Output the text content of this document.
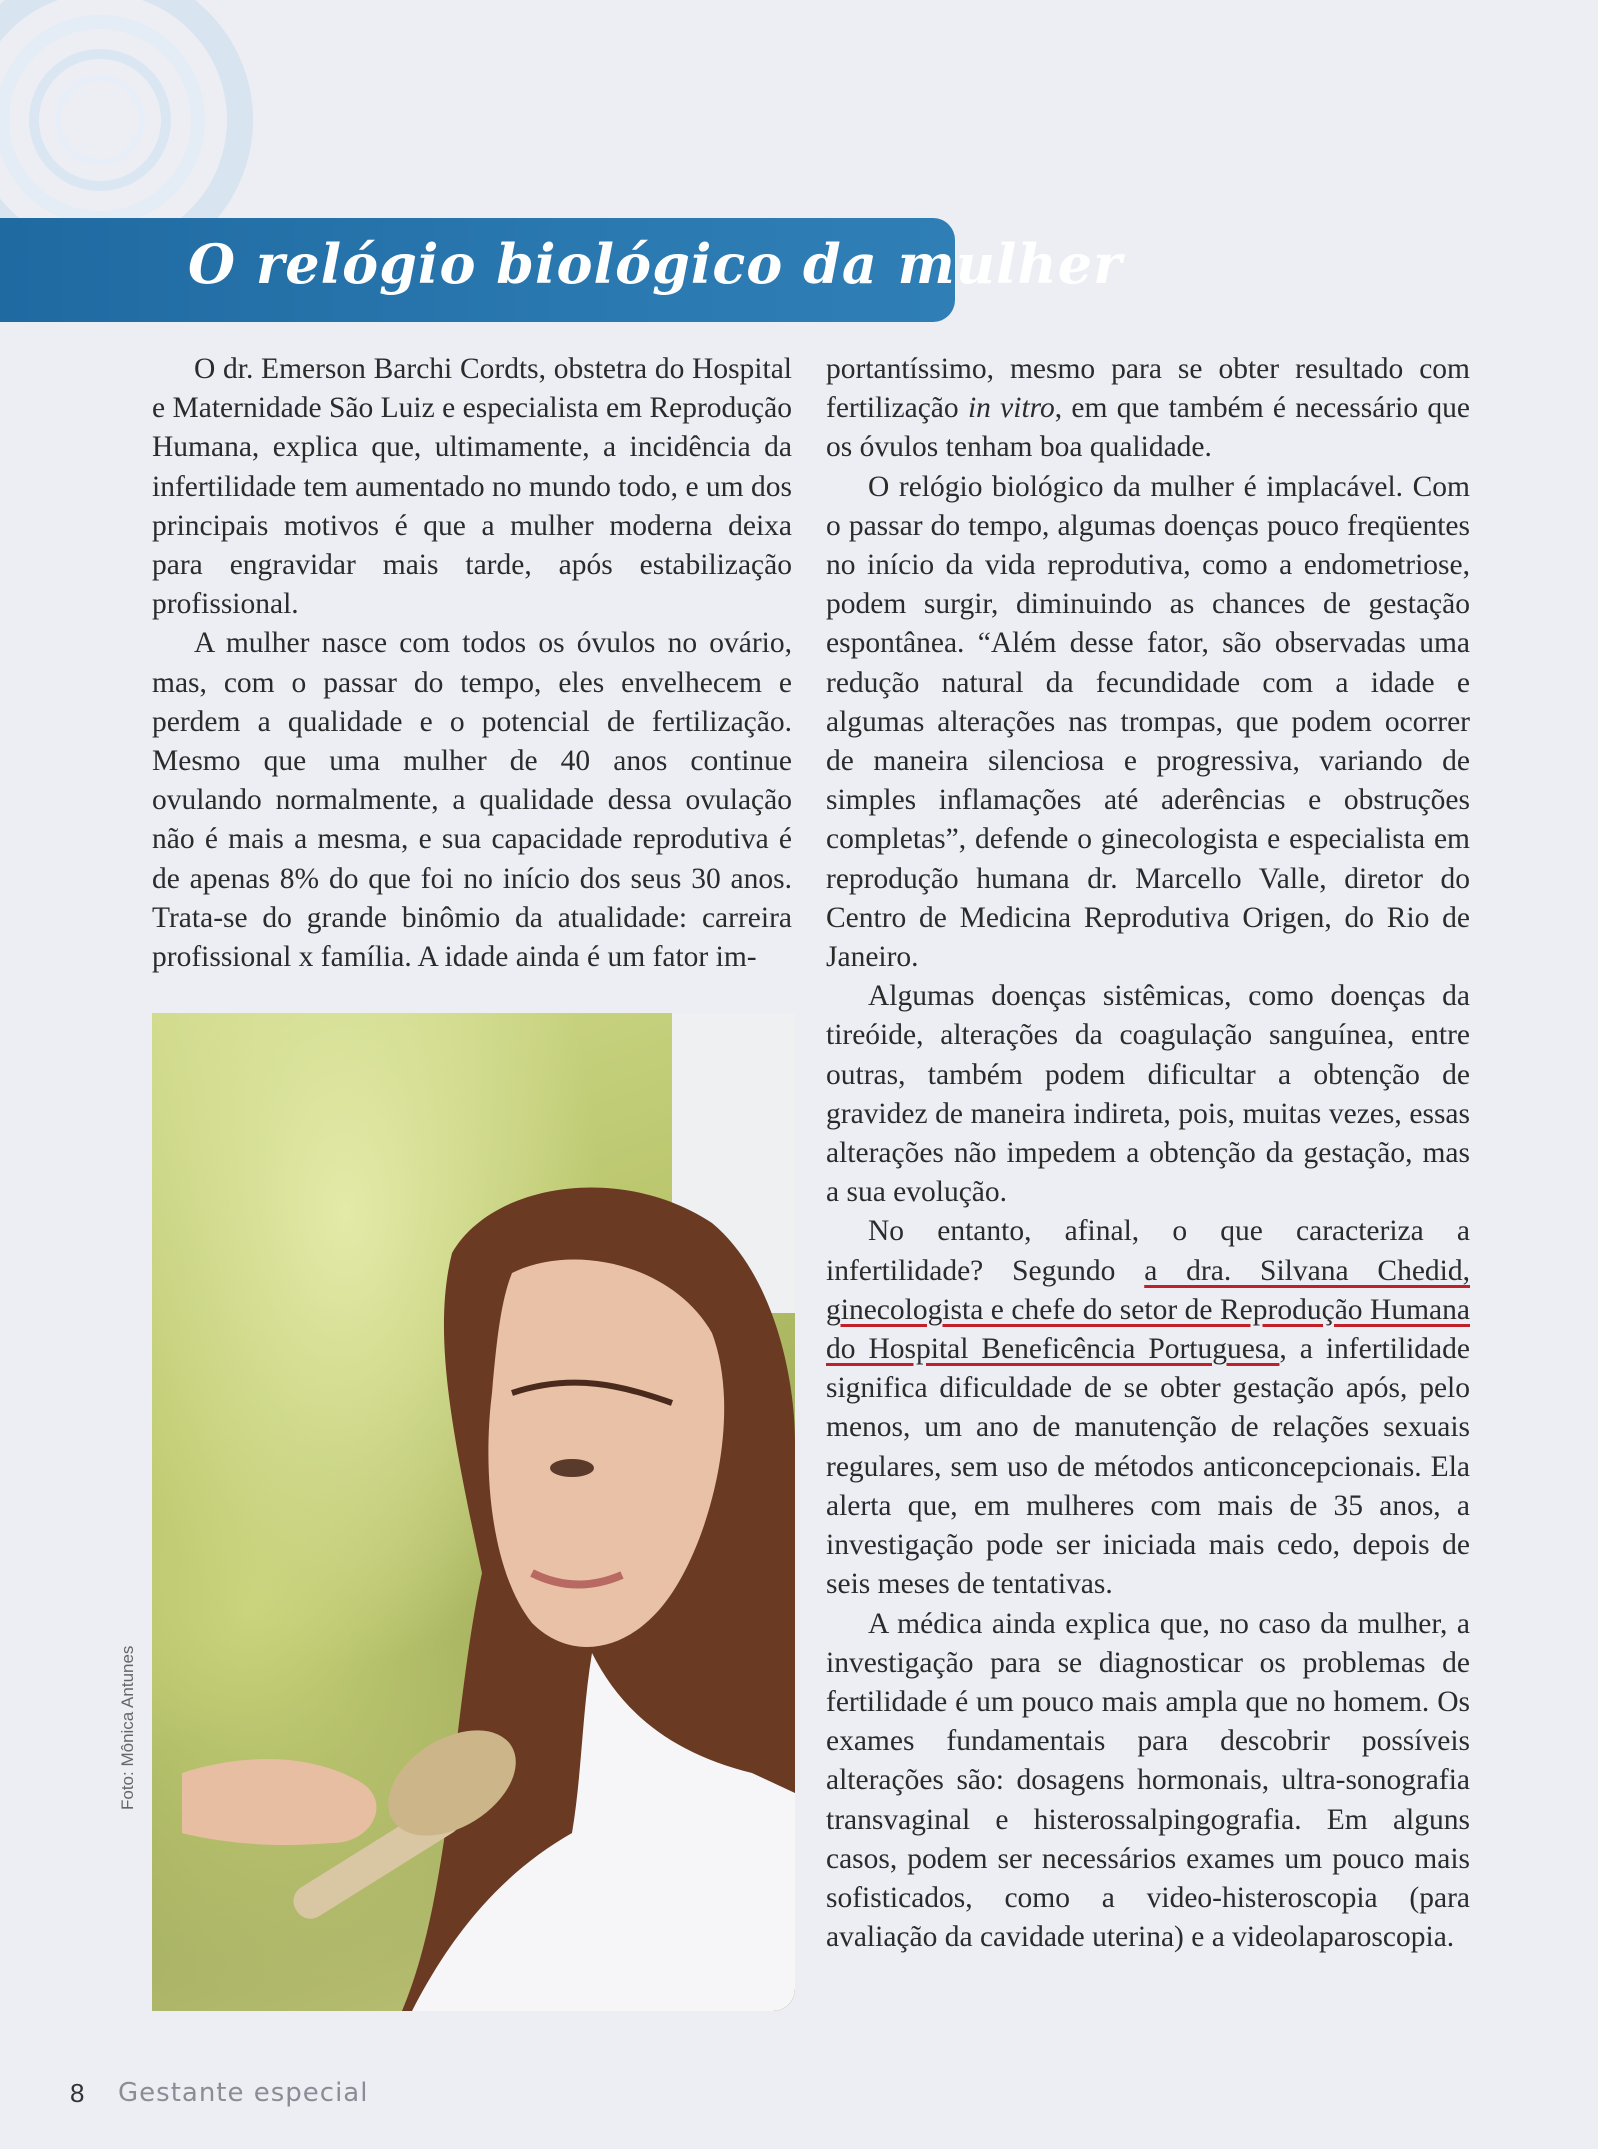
O relógio biológico da mulher

O dr. Emerson Barchi Cordts, obstetra do Hospital e Maternidade São Luiz e especialista em Reprodução Humana, explica que, ultimamente, a incidência da infertilidade tem aumentado no mundo todo, e um dos principais motivos é que a mulher moderna deixa para engravidar mais tarde, após estabilização profissional.

A mulher nasce com todos os óvulos no ovário, mas, com o passar do tempo, eles envelhecem e perdem a qualidade e o potencial de fertilização. Mesmo que uma mulher de 40 anos continue ovulando normalmente, a qualidade dessa ovulação não é mais a mesma, e sua capacidade reprodutiva é de apenas 8% do que foi no início dos seus 30 anos. Trata-se do grande binômio da atualidade: carreira profissional x família. A idade ainda é um fator im-

Foto: Mônica Antunes

portantíssimo, mesmo para se obter resultado com fertilização in vitro, em que também é necessário que os óvulos tenham boa qualidade.

O relógio biológico da mulher é implacável. Com o passar do tempo, algumas doenças pouco freqüentes no início da vida reprodutiva, como a endometriose, podem surgir, diminuindo as chances de gestação espontânea. “Além desse fator, são observadas uma redução natural da fecundidade com a idade e algumas alterações nas trompas, que podem ocorrer de maneira silenciosa e progressiva, variando de simples inflamações até aderências e obstruções completas”, defende o ginecologista e especialista em reprodução humana dr. Marcello Valle, diretor do Centro de Medicina Reprodutiva Origen, do Rio de Janeiro.

Algumas doenças sistêmicas, como doenças da tireóide, alterações da coagulação sanguínea, entre outras, também podem dificultar a obtenção de gravidez de maneira indireta, pois, muitas vezes, essas alterações não impedem a obtenção da gestação, mas a sua evolução.

No entanto, afinal, o que caracteriza a infertilidade? Segundo a dra. Silvana Chedid, ginecologista e chefe do setor de Reprodução Humana do Hospital Beneficência Portuguesa, a infertilidade significa dificuldade de se obter gestação após, pelo menos, um ano de manutenção de relações sexuais regulares, sem uso de métodos anticoncepcionais. Ela alerta que, em mulheres com mais de 35 anos, a investigação pode ser iniciada mais cedo, depois de seis meses de tentativas.

A médica ainda explica que, no caso da mulher, a investigação para se diagnosticar os problemas de fertilidade é um pouco mais ampla que no homem. Os exames fundamentais para descobrir possíveis alterações são: dosagens hormonais, ultra-sonografia transvaginal e histerossalpingografia. Em alguns casos, podem ser necessários exames um pouco mais sofisticados, como a video-histeroscopia (para avaliação da cavidade uterina) e a videolaparoscopia.

8 Gestante especial
